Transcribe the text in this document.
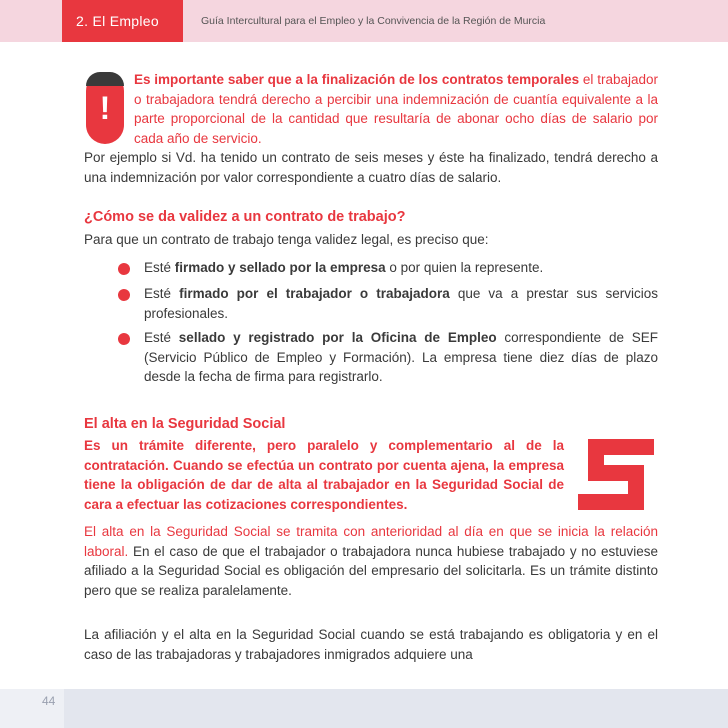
2. El Empleo	Guía Intercultural para el Empleo y la Convivencia de la Región de Murcia
!
Es importante saber que a la finalización de los contratos temporales el trabajador o trabajadora tendrá derecho a percibir una indemnización de cuantía equivalente a la parte proporcional de la cantidad que resultaría de abonar ocho días de salario por cada año de servicio.
Por ejemplo si Vd. ha tenido un contrato de seis meses y éste ha finalizado, tendrá derecho a una indemnización por valor correspondiente a cuatro días de salario.
¿Cómo se da validez a un contrato de trabajo?
Para que un contrato de trabajo tenga validez legal, es preciso que:
Esté firmado y sellado por la empresa o por quien la represente.
Esté firmado por el trabajador o trabajadora que va a prestar sus servicios profesionales.
Esté sellado y registrado por la Oficina de Empleo correspondiente de SEF (Servicio Público de Empleo y Formación). La empresa tiene diez días de plazo desde la fecha de firma para registrarlo.
El alta en la Seguridad Social
Es un trámite diferente, pero paralelo y complementario al de la contratación. Cuando se efectúa un contrato por cuenta ajena, la empresa tiene la obligación de dar de alta al trabajador en la Seguridad Social de cara a efectuar las cotizaciones correspondientes.
El alta en la Seguridad Social se tramita con anterioridad al día en que se inicia la relación laboral. En el caso de que el trabajador o trabajadora nunca hubiese trabajado y no estuviese afiliado a la Seguridad Social es obligación del empresario del solicitarla. Es un trámite distinto pero que se realiza paralelamente.
La afiliación y el alta en la Seguridad Social cuando se está trabajando es obligatoria y en el caso de las trabajadoras y trabajadores inmigrados adquiere una
44
